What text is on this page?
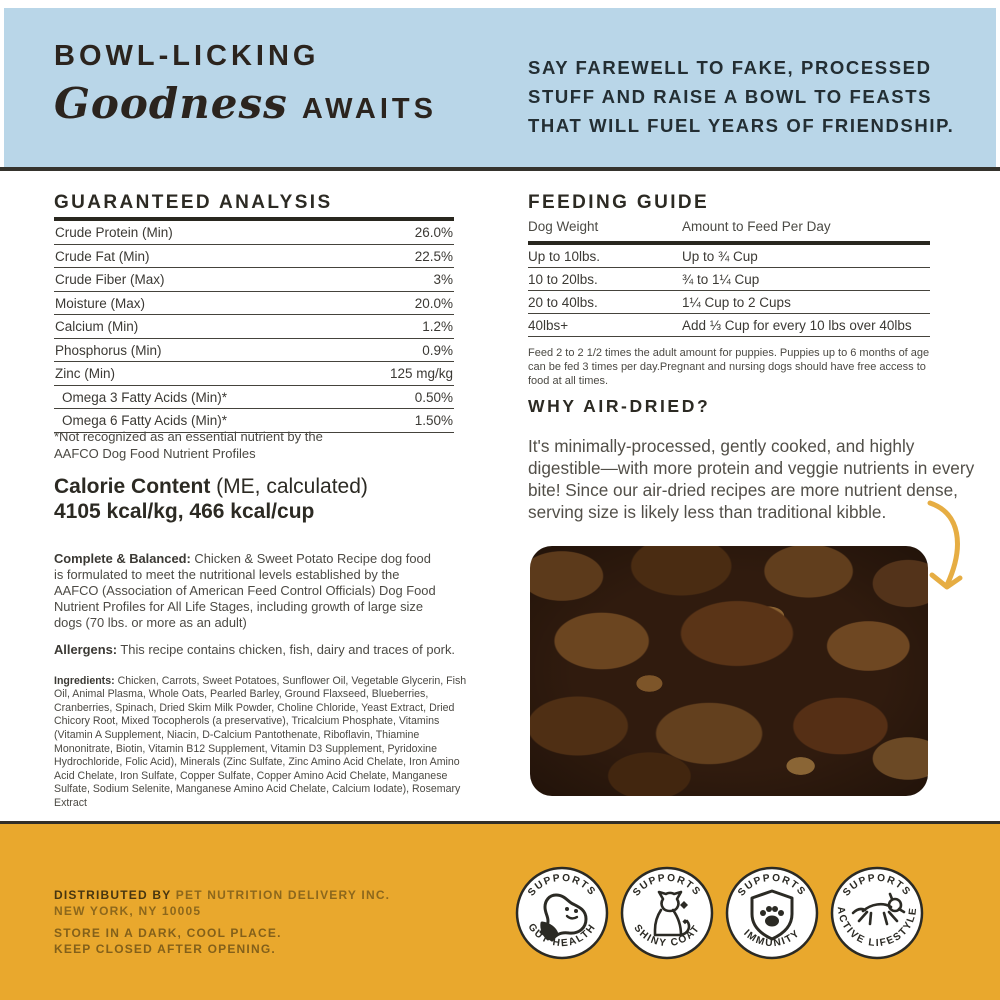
BOWL-LICKING
Goodness AWAITS
SAY FAREWELL TO FAKE, PROCESSED
STUFF AND RAISE A BOWL TO FEASTS
THAT WILL FUEL YEARS OF FRIENDSHIP.
GUARANTEED ANALYSIS
Crude Protein (Min)	26.0%
Crude Fat (Min)	22.5%
Crude Fiber (Max)	3%
Moisture (Max)	20.0%
Calcium (Min)	1.2%
Phosphorus (Min)	0.9%
Zinc (Min)	125 mg/kg
Omega 3 Fatty Acids (Min)*	0.50%
Omega 6 Fatty Acids (Min)*	1.50%
*Not recognized as an essential nutrient by the
AAFCO Dog Food Nutrient Profiles
Calorie Content (ME, calculated)
4105 kcal/kg, 466 kcal/cup

Complete & Balanced: Chicken & Sweet Potato Recipe dog food is formulated to meet the nutritional levels established by the AAFCO (Association of American Feed Control Officials) Dog Food Nutrient Profiles for All Life Stages, including growth of large size dogs (70 lbs. or more as an adult)

Allergens: This recipe contains chicken, fish, dairy and traces of pork.

Ingredients: Chicken, Carrots, Sweet Potatoes, Sunflower Oil, Vegetable Glycerin, Fish Oil, Animal Plasma, Whole Oats, Pearled Barley, Ground Flaxseed, Blueberries, Cranberries, Spinach, Dried Skim Milk Powder, Choline Chloride, Yeast Extract, Dried Chicory Root, Mixed Tocopherols (a preservative), Tricalcium Phosphate, Vitamins (Vitamin A Supplement, Niacin, D-Calcium Pantothenate, Riboflavin, Thiamine Mononitrate, Biotin, Vitamin B12 Supplement, Vitamin D3 Supplement, Pyridoxine Hydrochloride, Folic Acid), Minerals (Zinc Sulfate, Zinc Amino Acid Chelate, Iron Amino Acid Chelate, Iron Sulfate, Copper Sulfate, Copper Amino Acid Chelate, Manganese Sulfate, Sodium Selenite, Manganese Amino Acid Chelate, Calcium Iodate), Rosemary Extract

FEEDING GUIDE
Dog Weight	Amount to Feed Per Day
Up to 10lbs.	Up to ¾ Cup
10 to 20lbs.	¾ to 1¼ Cup
20 to 40lbs.	1¼ Cup to 2 Cups
40lbs+	Add ⅓ Cup for every 10 lbs over 40lbs

Feed 2 to 2 1/2 times the adult amount for puppies. Puppies up to 6 months of age can be fed 3 times per day.Pregnant and nursing dogs should have free access to food at all times.

WHY AIR-DRIED?

It's minimally-processed, gently cooked, and highly digestible—with more protein and veggie nutrients in every bite! Since our air-dried recipes are more nutrient dense, serving size is likely less than traditional kibble.

DISTRIBUTED BY PET NUTRITION DELIVERY INC.
NEW YORK, NY 10005
STORE IN A DARK, COOL PLACE.
KEEP CLOSED AFTER OPENING.
SUPPORTS
GUT HEALTH
SUPPORTS
SHINY COAT
SUPPORTS
IMMUNITY
SUPPORTS
ACTIVE LIFESTYLE
